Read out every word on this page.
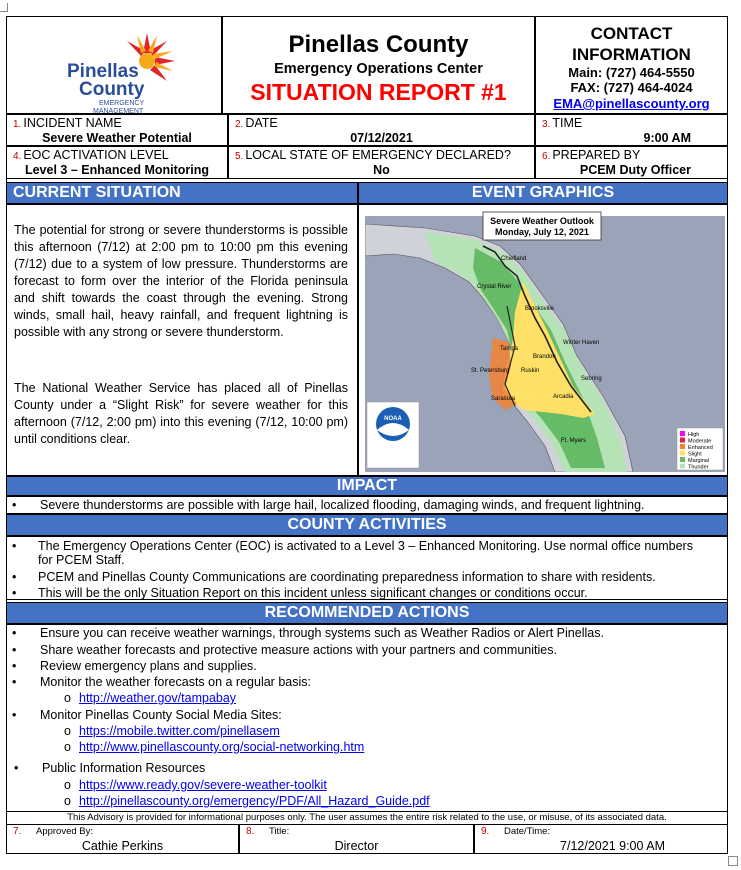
Pinellas
County
EMERGENCY
MANAGEMENT
Pinellas County
Emergency Operations Center
SITUATION REPORT #1
CONTACT
INFORMATION
Main: (727) 464-5550
FAX: (727) 464-4024
EMA@pinellascounty.org
1. INCIDENT NAME
Severe Weather Potential
2. DATE
07/12/2021
3. TIME
9:00 AM
4. EOC ACTIVATION LEVEL
Level 3 – Enhanced Monitoring
5. LOCAL STATE OF EMERGENCY DECLARED?
No
6. PREPARED BY
PCEM Duty Officer
CURRENT SITUATION	EVENT GRAPHICS
The potential for strong or severe thunderstorms is possible this afternoon (7/12) at 2:00 pm to 10:00 pm this evening (7/12) due to a system of low pressure. Thunderstorms are forecast to form over the interior of the Florida peninsula and shift towards the coast through the evening. Strong winds, small hail, heavy rainfall, and frequent lightning is possible with any strong or severe thunderstorm.
The National Weather Service has placed all of Pinellas County under a “Slight Risk” for severe weather for this afternoon (7/12, 2:00 pm) into this evening (7/12, 10:00 pm) until conditions clear.
Severe Weather Outlook
Monday, July 12, 2021
Chiefland
Crystal River
Brooksville
Tampa
Brandon
Winter Haven
St. Petersburg Ruskin
Sebring
Sarasota	Arcadia
Ft. Myers
NOAA
High
Moderate
Enhanced
Slight
Marginal
Thunder
IMPACT
• Severe thunderstorms are possible with large hail, localized flooding, damaging winds, and frequent lightning.
COUNTY ACTIVITIES
• The Emergency Operations Center (EOC) is activated to a Level 3 – Enhanced Monitoring. Use normal office numbers
for PCEM Staff.
• PCEM and Pinellas County Communications are coordinating preparedness information to share with residents.
• This will be the only Situation Report on this incident unless significant changes or conditions occur.
RECOMMENDED ACTIONS
• Ensure you can receive weather warnings, through systems such as Weather Radios or Alert Pinellas.
• Share weather forecasts and protective measure actions with your partners and communities.
• Review emergency plans and supplies.
• Monitor the weather forecasts on a regular basis:
o http://weather.gov/tampabay
• Monitor Pinellas County Social Media Sites:
o https://mobile.twitter.com/pinellasem
o http://www.pinellascounty.org/social-networking.htm
• Public Information Resources
o https://www.ready.gov/severe-weather-toolkit
o http://pinellascounty.org/emergency/PDF/All_Hazard_Guide.pdf
This Advisory is provided for informational purposes only. The user assumes the entire risk related to the use, or misuse, of its associated data.
7. Approved By:
Cathie Perkins
8. Title:
Director
9. Date/Time:
7/12/2021 9:00 AM
